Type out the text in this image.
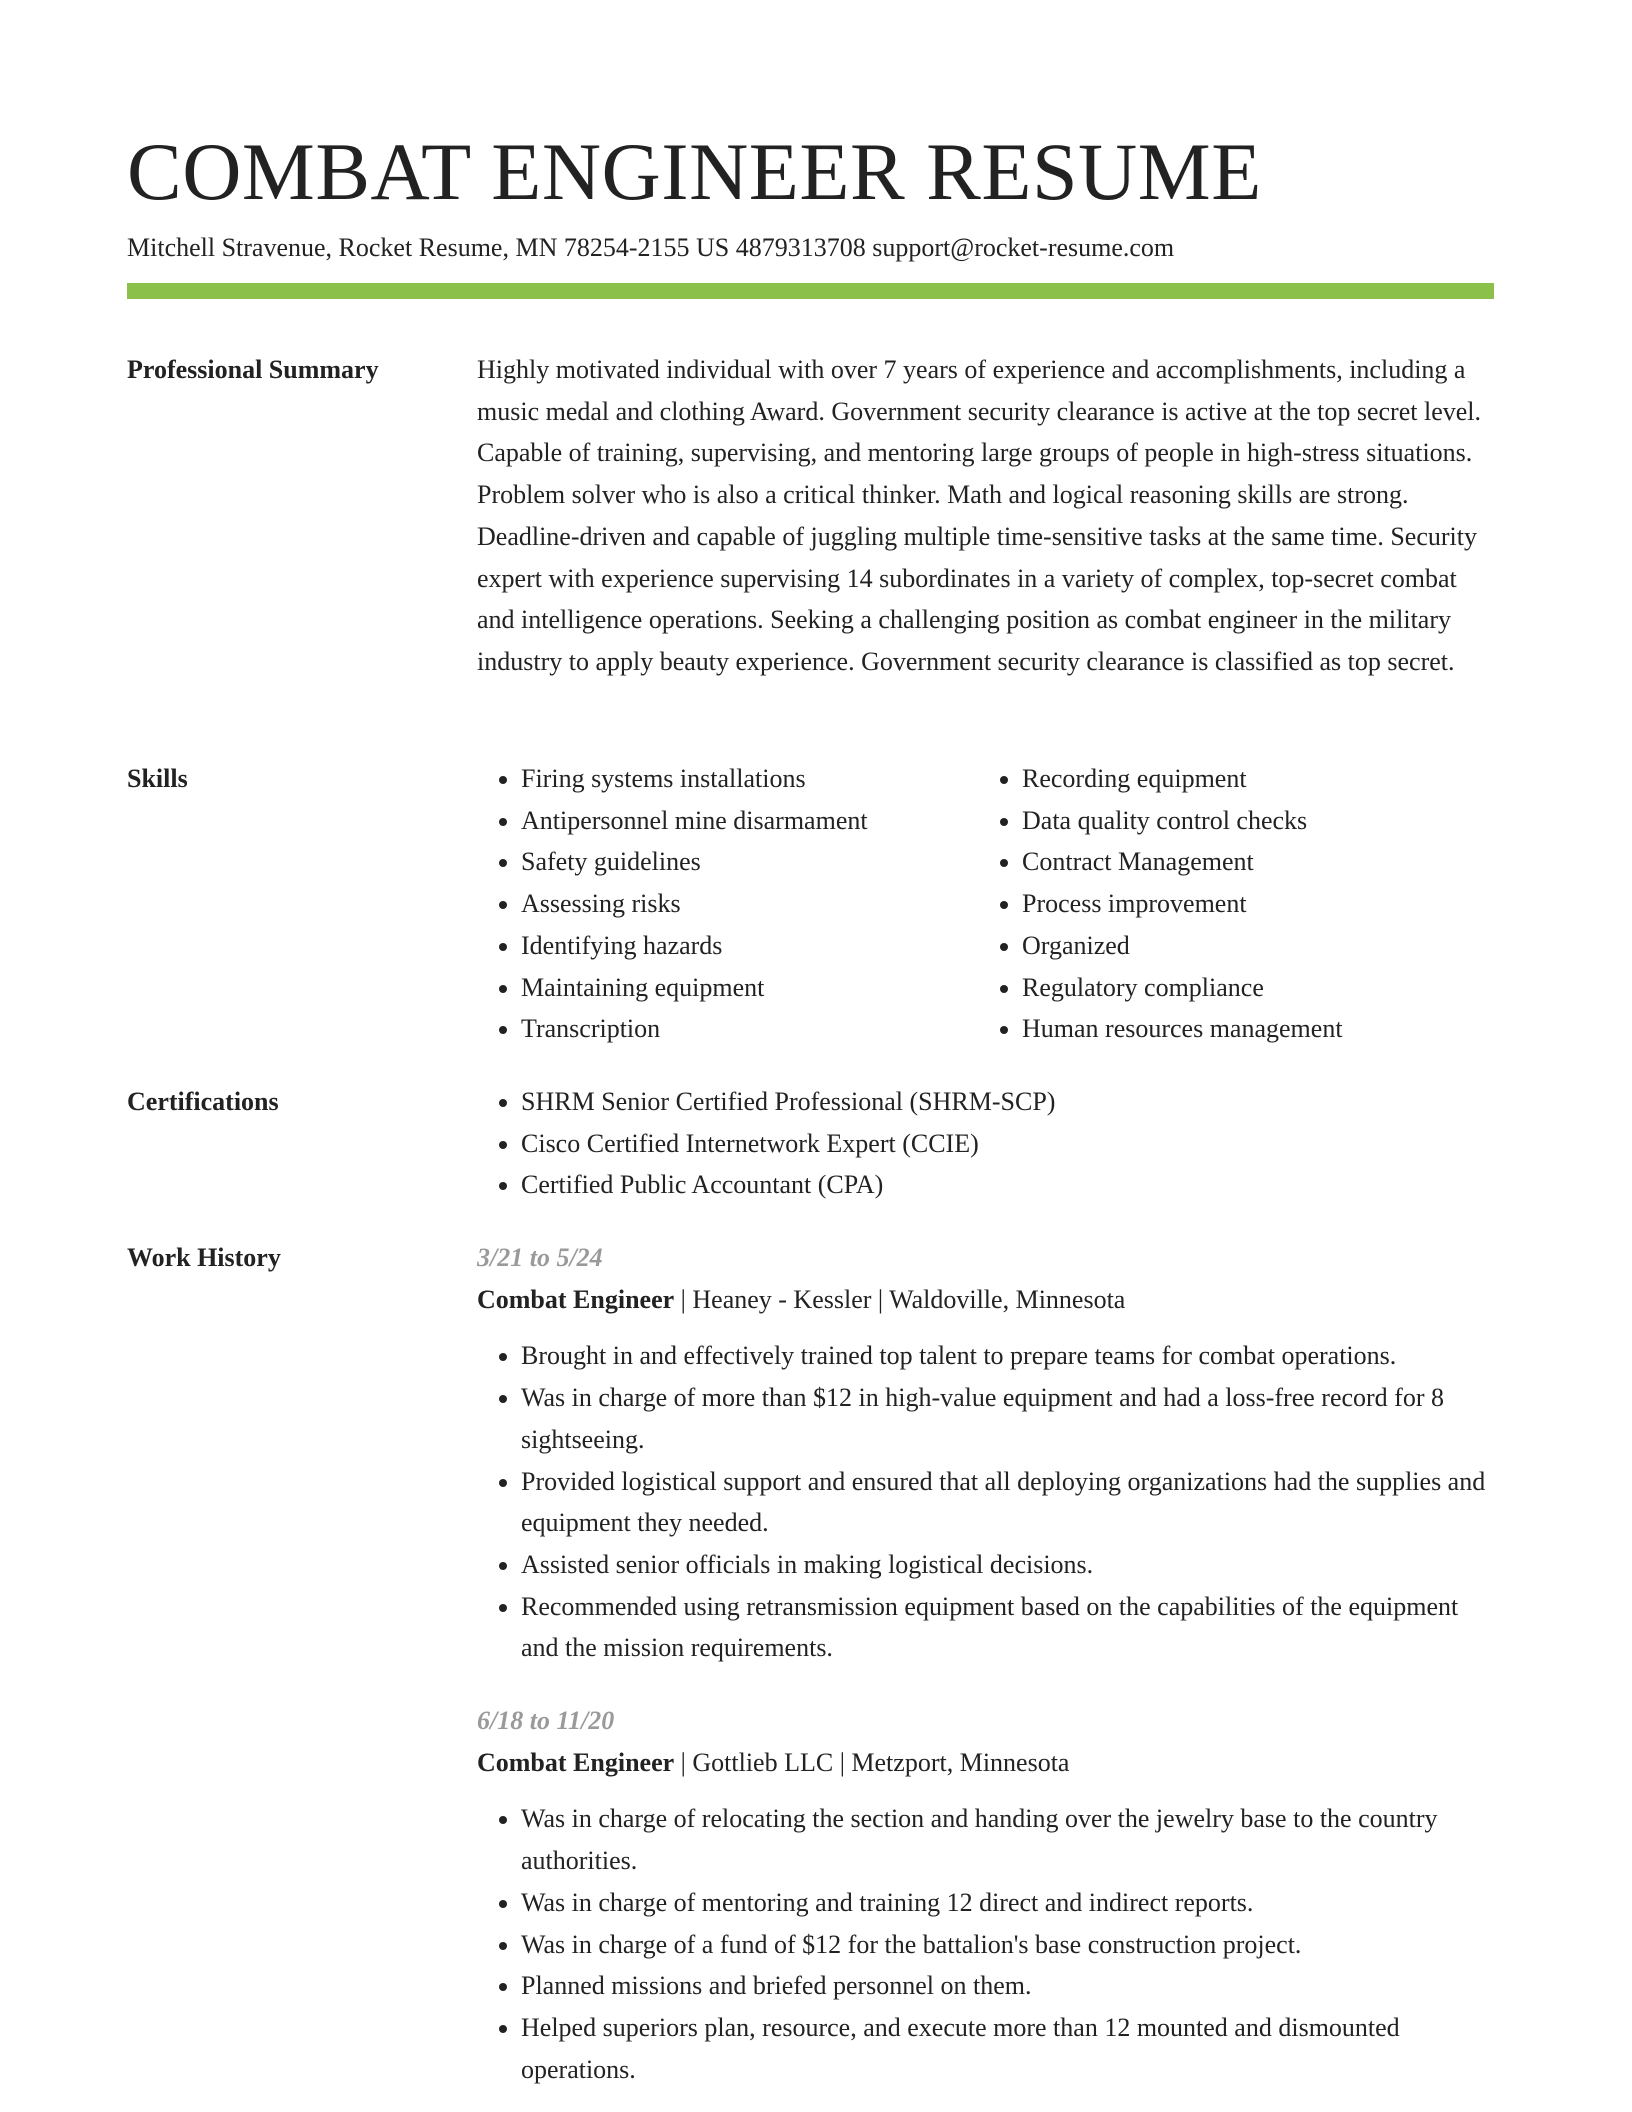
COMBAT ENGINEER RESUME
Mitchell Stravenue, Rocket Resume, MN 78254-2155 US 4879313708 support@rocket-resume.com
Professional Summary	Highly motivated individual with over 7 years of experience and accomplishments, including a music medal and clothing Award. Government security clearance is active at the top secret level. Capable of training, supervising, and mentoring large groups of people in high-stress situations. Problem solver who is also a critical thinker. Math and logical reasoning skills are strong. Deadline-driven and capable of juggling multiple time-sensitive tasks at the same time. Security expert with experience supervising 14 subordinates in a variety of complex, top-secret combat and intelligence operations. Seeking a challenging position as combat engineer in the military industry to apply beauty experience. Government security clearance is classified as top secret.

Skills	• Firing systems installations
• Antipersonnel mine disarmament
• Safety guidelines
• Assessing risks
• Identifying hazards
• Maintaining equipment
• Transcription
• Recording equipment
• Data quality control checks
• Contract Management
• Process improvement
• Organized
• Regulatory compliance
• Human resources management
Certifications	• SHRM Senior Certified Professional (SHRM-SCP)
• Cisco Certified Internetwork Expert (CCIE)
• Certified Public Accountant (CPA)
Work History	3/21 to 5/24
Combat Engineer | Heaney - Kessler | Waldoville, Minnesota
• Brought in and effectively trained top talent to prepare teams for combat operations.
• Was in charge of more than $12 in high-value equipment and had a loss-free record for 8 sightseeing.
• Provided logistical support and ensured that all deploying organizations had the supplies and equipment they needed.
• Assisted senior officials in making logistical decisions.
• Recommended using retransmission equipment based on the capabilities of the equipment and the mission requirements.
6/18 to 11/20
Combat Engineer | Gottlieb LLC | Metzport, Minnesota
• Was in charge of relocating the section and handing over the jewelry base to the country authorities.
• Was in charge of mentoring and training 12 direct and indirect reports.
• Was in charge of a fund of $12 for the battalion's base construction project.
• Planned missions and briefed personnel on them.
• Helped superiors plan, resource, and execute more than 12 mounted and dismounted operations.
